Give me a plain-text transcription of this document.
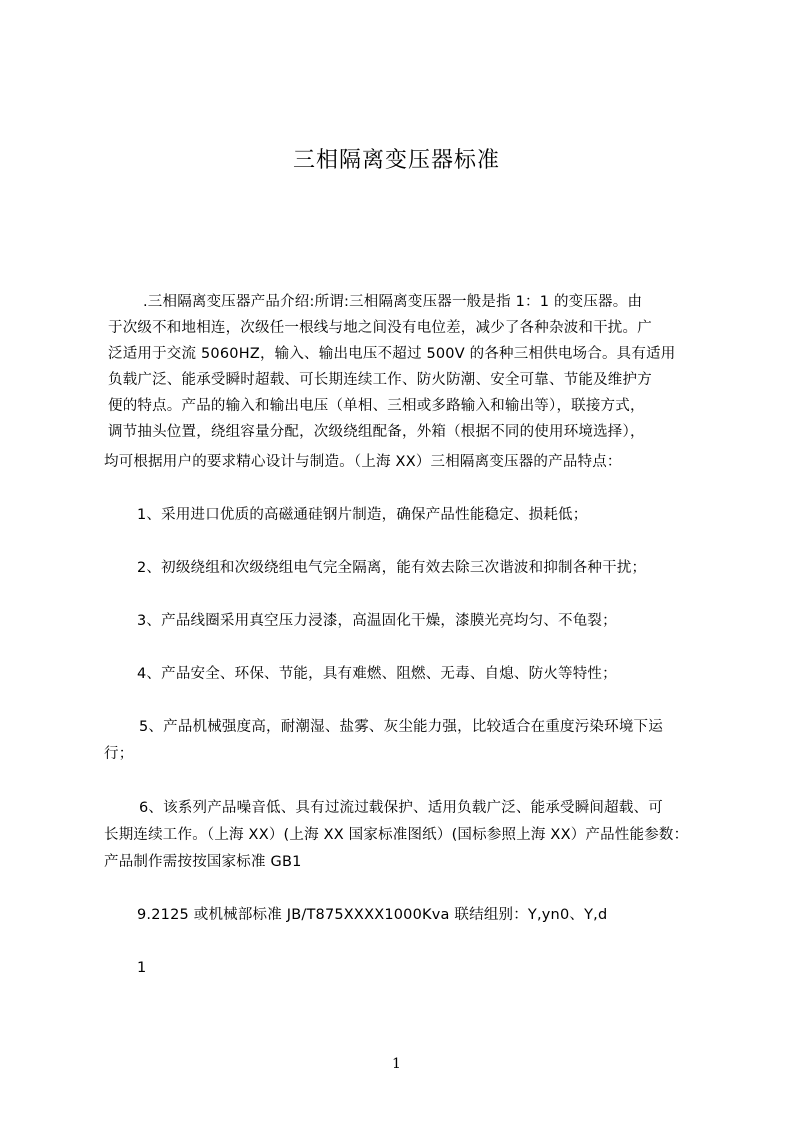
三相隔离变压器标准
.三相隔离变压器产品介绍:所谓:三相隔离变压器一般是指 1：1 的变压器。由
于次级不和地相连，次级任一根线与地之间没有电位差，减少了各种杂波和干扰。广
泛适用于交流 5060HZ，输入、输出电压不超过 500V 的各种三相供电场合。具有适用
负载广泛、能承受瞬时超载、可长期连续工作、防火防潮、安全可靠、节能及维护方
便的特点。产品的输入和输出电压（单相、三相或多路输入和输出等），联接方式，
调节抽头位置，绕组容量分配，次级绕组配备，外箱（根据不同的使用环境选择），
均可根据用户的要求精心设计与制造。（上海 XX）三相隔离变压器的产品特点：
1、采用进口优质的高磁通硅钢片制造，确保产品性能稳定、损耗低；
2、初级绕组和次级绕组电气完全隔离，能有效去除三次谐波和抑制各种干扰；
3、产品线圈采用真空压力浸漆，高温固化干燥，漆膜光亮均匀、不龟裂；
4、产品安全、环保、节能，具有难燃、阻燃、无毒、自熄、防火等特性；
5、产品机械强度高，耐潮湿、盐雾、灰尘能力强，比较适合在重度污染环境下运
行；
6、该系列产品噪音低、具有过流过载保护、适用负载广泛、能承受瞬间超载、可
长期连续工作。（上海 XX）(上海 XX 国家标准图纸）(国标参照上海 XX）产品性能参数：
产品制作需按按国家标准 GB1
9.2125 或机械部标准 JB/T875XXXX1000Kva 联结组别：Y,yn0、Y,d
1
1
